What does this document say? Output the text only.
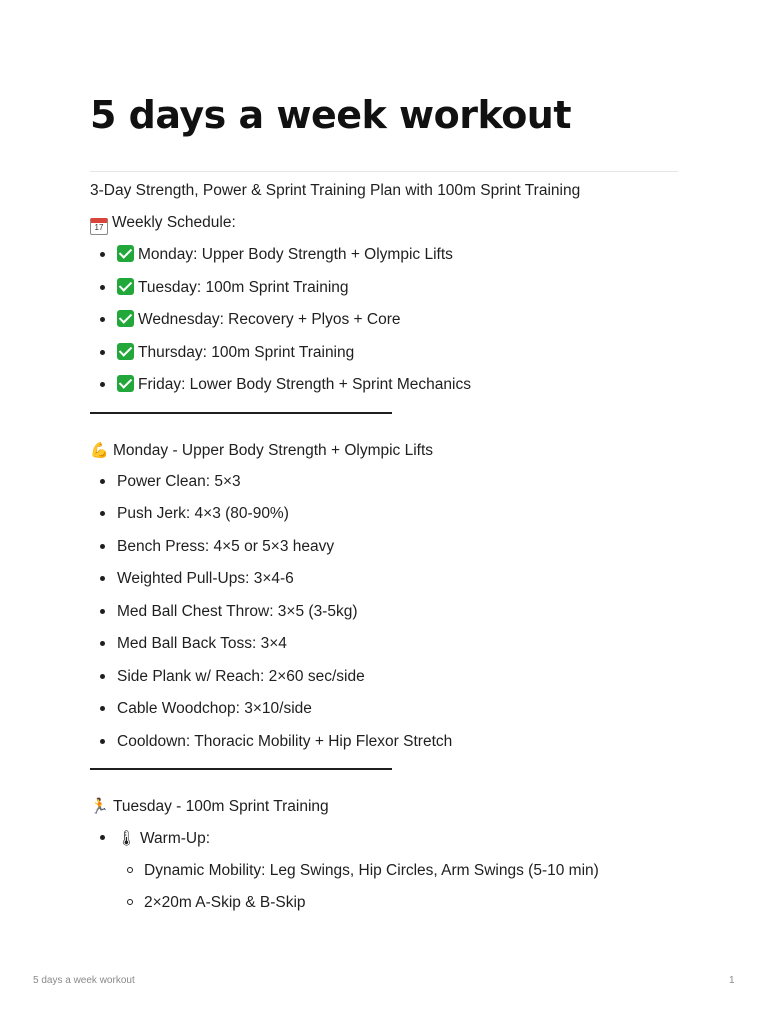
5 days a week workout
3-Day Strength, Power & Sprint Training Plan with 100m Sprint Training
17 Weekly Schedule:
Monday: Upper Body Strength + Olympic Lifts
Tuesday: 100m Sprint Training
Wednesday: Recovery + Plyos + Core
Thursday: 100m Sprint Training
Friday: Lower Body Strength + Sprint Mechanics
💪 Monday - Upper Body Strength + Olympic Lifts
Power Clean: 5×3
Push Jerk: 4×3 (80-90%)
Bench Press: 4×5 or 5×3 heavy
Weighted Pull-Ups: 3×4-6
Med Ball Chest Throw: 3×5 (3-5kg)
Med Ball Back Toss: 3×4
Side Plank w/ Reach: 2×60 sec/side
Cable Woodchop: 3×10/side
Cooldown: Thoracic Mobility + Hip Flexor Stretch
🏃 Tuesday - 100m Sprint Training
🌡 Warm-Up:
Dynamic Mobility: Leg Swings, Hip Circles, Arm Swings (5-10 min)
2×20m A-Skip & B-Skip
5 days a week workout	1
